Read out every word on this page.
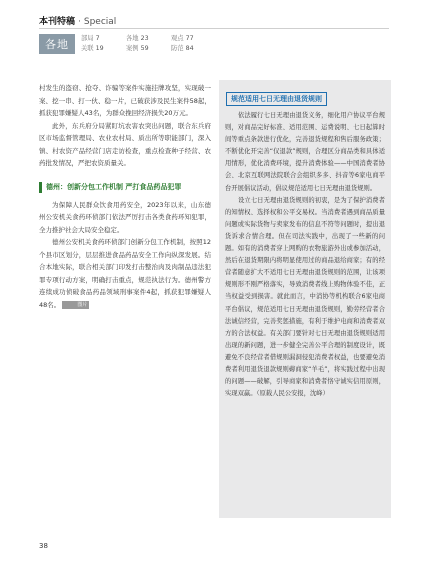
本刊特稿 · Special
各地 部局 7	各地 23	观点 77
关联 19	案例 59	防范 84

村发生的盗窃、抢夺、诈骗等案件实施挂牌攻坚，实现破一案、挖一串、打一伙、稳一片，已破获涉及民生案件58起，抓获犯罪嫌疑人43名，为群众挽回经济损失20万元。

此外，东兵府分局紧盯坑农害农突出问题，联合东兵府区市场监督管理局、农业农村局、质出所等职能部门，深入镇、村农资产品经营门店走访检查，重点检查种子经营、农药批发情况，严把农资质量关。

德州：创新分包工作机制 严打食品药品犯罪

为保障人民群众饮食用药安全，2023年以来，山东德州公安机关食药环侦部门依法严厉打击各类食药环知犯罪，全力推护社会大局安全稳定。

德州公安机关食药环侦部门创新分包工作机制，按照12个县市区划分，层层推进食品药品安全工作向纵深发展。结合本地实际，联合相关部门印发打击整治肉及肉制品违法犯罪专项行动方案，明确打击重点，规范执法行为。德州警方连续成功侦破食品药品领域刑事案件4起，抓获犯罪嫌疑人48名。	图片

规范适用七日无理由退货规则

依法履行七日无理由退货义务，细化用户协议平台规则，对商品完好标准、适用范围、运费说明、七日起算时间等重点条款进行优化，完善退货规程和售后服务政策；不断优化开完善“仅退款”规则，合理区分商品类和具体适用情形，优化消费环境，提升消费体验——中国消费者协会、北京互联网法院联合会组织多多、抖音等6家电商平台开展倡议活动，倡议规范适用七日无理由退货规则。

设立七日无理由退货规则的初衷，是为了保护消费者的知情权、选择权和公平交易权。当消费者遇到商品质量问题或实际货物与卖家发布的信息不符等问题时，提出退货诉求合情合理。但在司法实践中，出现了一些新的问题。如有的消费者穿上网购的衣物旅游外出或参加活动，然后在退货期限内将明显使用过的商品退给商家；有的经营者随意扩大不适用七日无理由退货规则的范围，让该项规则形不刚严格落实，导致消费者线上购物体验不佳，正当权益受到损害。就此而言，中消协等机构联合6家电商平台倡议，规范适用七日无理由退货规则，勤劳经营者合法诚信经营，完善奖惩措施，有利于维护电商和消费者双方的合法权益。有关部门要针对七日无理由退货规则适用出现的新问题，进一步健全完善公平合理的制度设计，既避免不良经营者借规则漏洞侵犯消费者权益，也要避免消费者利用退货退款规则薅商家“羊毛”，将实践过程中出现的问题——破解，引导商家和消费者恪守诚实信用原则，实现双赢。（原载人民公安报，沈峰）

38
